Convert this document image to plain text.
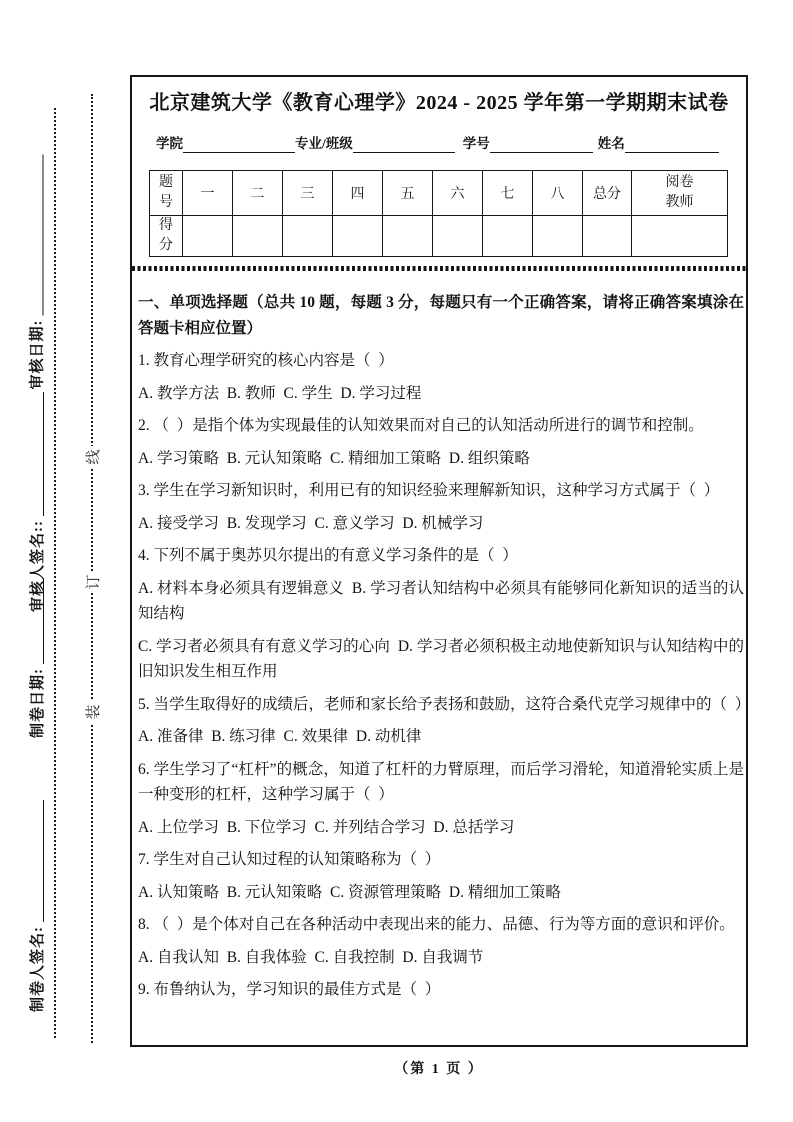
审核日期:
审核人签名::
制卷日期:
制卷人签名:
线
订
装
北京建筑大学《教育心理学》2024 - 2025 学年第一学期期末试卷
学院	专业/班级	学号	姓名
题号	一	二	三	四	五	六	七	八	总分	阅卷教师
得分										

一、单项选择题（总共 10 题，每题 3 分，每题只有一个正确答案，请将正确答案填涂在答题卡相应位置）

1. 教育心理学研究的核心内容是（  ）

A. 教学方法  B. 教师  C. 学生  D. 学习过程

2. （  ）是指个体为实现最佳的认知效果而对自己的认知活动所进行的调节和控制。

A. 学习策略  B. 元认知策略  C. 精细加工策略  D. 组织策略

3. 学生在学习新知识时，利用已有的知识经验来理解新知识，这种学习方式属于（  ）

A. 接受学习  B. 发现学习  C. 意义学习  D. 机械学习

4. 下列不属于奥苏贝尔提出的有意义学习条件的是（  ）

A. 材料本身必须具有逻辑意义  B. 学习者认知结构中必须具有能够同化新知识的适当的认知结构

C. 学习者必须具有有意义学习的心向  D. 学习者必须积极主动地使新知识与认知结构中的旧知识发生相互作用

5. 当学生取得好的成绩后，老师和家长给予表扬和鼓励，这符合桑代克学习规律中的（  ）

A. 准备律  B. 练习律  C. 效果律  D. 动机律

6. 学生学习了“杠杆”的概念，知道了杠杆的力臂原理，而后学习滑轮，知道滑轮实质上是一种变形的杠杆，这种学习属于（  ）

A. 上位学习  B. 下位学习  C. 并列结合学习  D. 总括学习

7. 学生对自己认知过程的认知策略称为（  ）

A. 认知策略  B. 元认知策略  C. 资源管理策略  D. 精细加工策略

8. （  ）是个体对自己在各种活动中表现出来的能力、品德、行为等方面的意识和评价。

A. 自我认知  B. 自我体验  C. 自我控制  D. 自我调节

9. 布鲁纳认为，学习知识的最佳方式是（  ）

（第 1 页 ）
